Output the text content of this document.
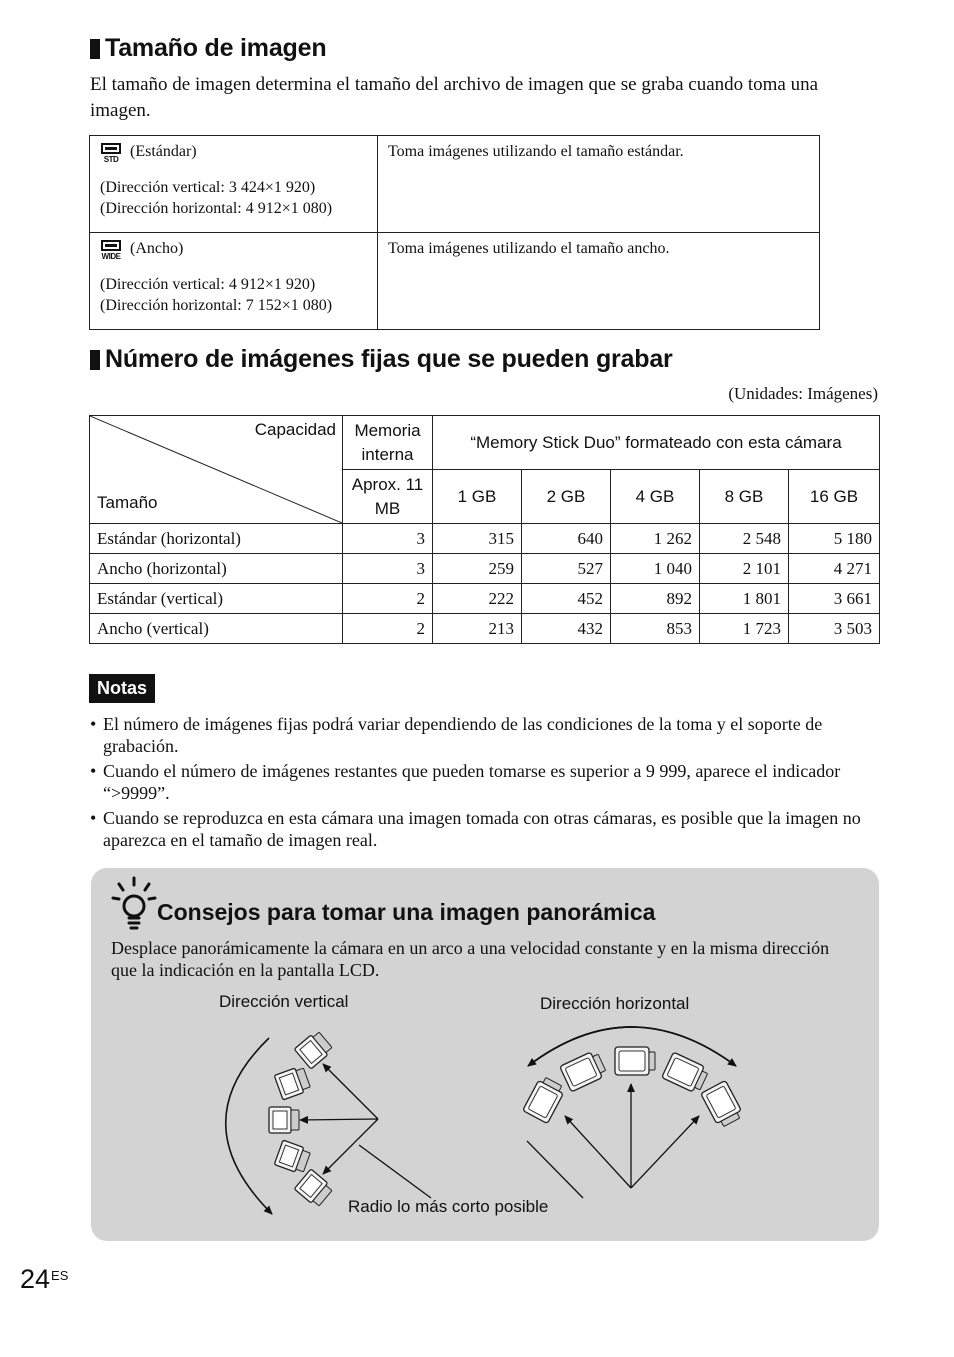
Tamaño de imagen

El tamaño de imagen determina el tamaño del archivo de imagen que se graba cuando toma una imagen.

STD (Estándar)
(Dirección vertical: 3 424×1 920)
(Dirección horizontal: 4 912×1 080)	Toma imágenes utilizando el tamaño estándar.

WIDE (Ancho)
(Dirección vertical: 4 912×1 920)
(Dirección horizontal: 7 152×1 080)	Toma imágenes utilizando el tamaño ancho.
Número de imágenes fijas que se pueden grabar

(Unidades: Imágenes)

Capacidad
Tamaño	Memoria interna	“Memory Stick Duo” formateado con esta cámara				
	Aprox. 11 MB	1 GB	2 GB	4 GB	8 GB	16 GB
Estándar (horizontal)	3	315	640	1 262	2 548	5 180
Ancho (horizontal)	3	259	527	1 040	2 101	4 271
Estándar (vertical)	2	222	452	892	1 801	3 661
Ancho (vertical)	2	213	432	853	1 723	3 503
Notas
• El número de imágenes fijas podrá variar dependiendo de las condiciones de la toma y el soporte de grabación.
• Cuando el número de imágenes restantes que pueden tomarse es superior a 9 999, aparece el indicador “>9999”.
• Cuando se reproduzca en esta cámara una imagen tomada con otras cámaras, es posible que la imagen no aparezca en el tamaño de imagen real.
Consejos para tomar una imagen panorámica

Desplace panorámicamente la cámara en un arco a una velocidad constante y en la misma dirección que la indicación en la pantalla LCD.

Dirección vertical	Dirección horizontal
Radio lo más corto posible
$24^{ES}$
